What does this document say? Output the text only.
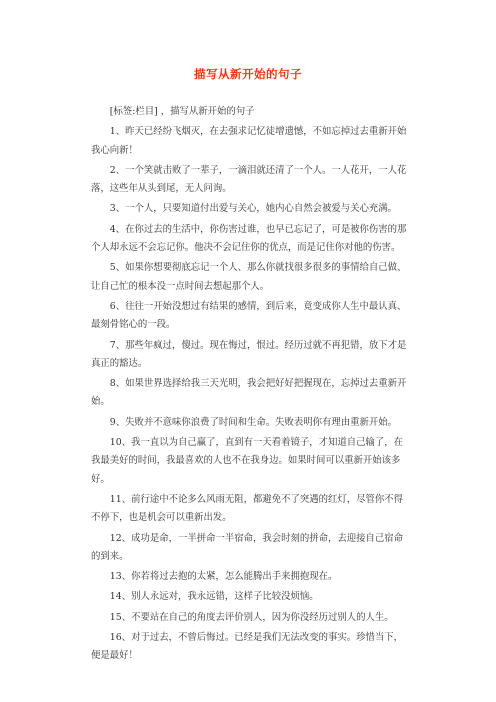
描写从新开始的句子

[标签:栏目] ，描写从新开始的句子

1、昨天已经纷飞烟灭，在去强求记忆徒增遗憾，不如忘掉过去重新开始我心向新！

2、一个笑就击败了一辈子，一滴泪就还清了一个人。一人花开，一人花落，这些年从头到尾，无人问询。

3、一个人，只要知道付出爱与关心，她内心自然会被爱与关心充满。

4、在你过去的生活中，你伤害过谁，也早已忘记了，可是被你伤害的那个人却永远不会忘记你。他决不会记住你的优点，而是记住你对他的伤害。

5、如果你想要彻底忘记一个人、那么你就找很多很多的事情给自己做、让自己忙的根本没一点时间去想起那个人。

6、往往一开始没想过有结果的感情，到后来，竟变成你人生中最认真、最刻骨铭心的一段。

7、那些年疯过，傻过。现在悔过，恨过。经历过就不再犯错，放下才是真正的豁达。

8、如果世界选择给我三天光明，我会把好好把握现在，忘掉过去重新开始。

9、失败并不意味你浪费了时间和生命。失败表明你有理由重新开始。

10、我一直以为自己赢了，直到有一天看着镜子，才知道自己输了，在我最美好的时间，我最喜欢的人也不在我身边。如果时间可以重新开始该多好。

11、前行途中不论多么风雨无阻，都避免不了突遇的红灯，尽管你不得不停下，也是机会可以重新出发。

12、成功是命，一半拼命一半宿命，我会时刻的拼命，去迎接自己宿命的到来。

13、你若将过去抱的太紧，怎么能腾出手来拥抱现在。

14、别人永远对，我永远错，这样子比较没烦恼。

15、不要站在自己的角度去评价别人，因为你没经历过别人的人生。

16、对于过去，不曾后悔过。已经是我们无法改变的事实。珍惜当下，便是最好！
